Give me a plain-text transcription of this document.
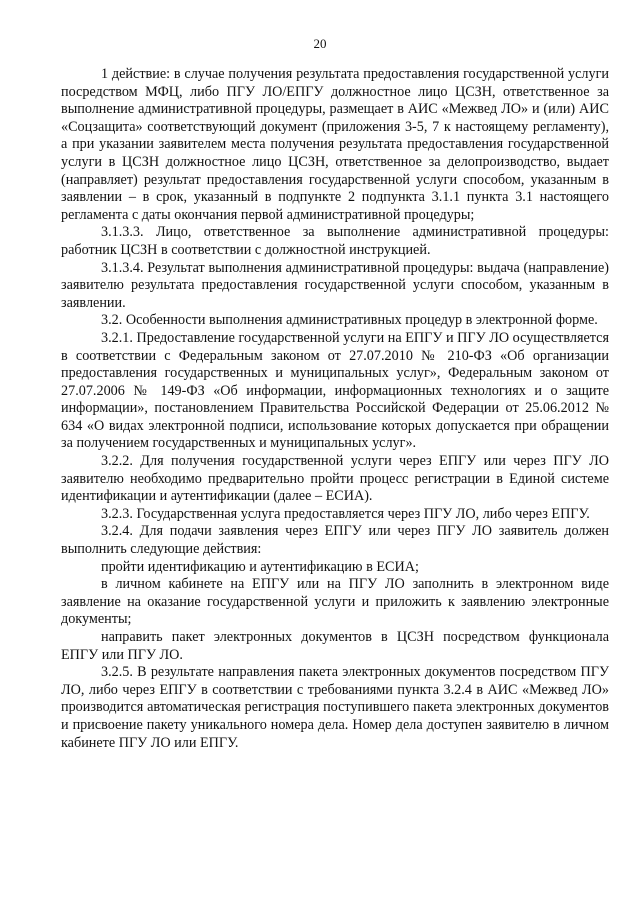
20

1 действие: в случае получения результата предоставления государственной услуги посредством МФЦ, либо ПГУ ЛО/ЕПГУ должностное лицо ЦСЗН, ответственное за выполнение административной процедуры, размещает в АИС «Межвед ЛО» и (или) АИС «Соцзащита» соответствующий документ (приложения 3-5, 7 к настоящему регламенту), а при указании заявителем места получения результата предоставления государственной услуги в ЦСЗН должностное лицо ЦСЗН, ответственное за делопроизводство, выдает (направляет) результат предоставления государственной услуги способом, указанным в заявлении – в срок, указанный в подпункте 2 подпункта 3.1.1 пункта 3.1 настоящего регламента с даты окончания первой административной процедуры;

3.1.3.3. Лицо, ответственное за выполнение административной процедуры: работник ЦСЗН в соответствии с должностной инструкцией.

3.1.3.4. Результат выполнения административной процедуры: выдача (направление) заявителю результата предоставления государственной услуги способом, указанным в заявлении.

3.2. Особенности выполнения административных процедур в электронной форме.

3.2.1. Предоставление государственной услуги на ЕПГУ и ПГУ ЛО осуществляется в соответствии с Федеральным законом от 27.07.2010 № 210-ФЗ «Об организации предоставления государственных и муниципальных услуг», Федеральным законом от 27.07.2006 № 149-ФЗ «Об информации, информационных технологиях и о защите информации», постановлением Правительства Российской Федерации от 25.06.2012 № 634 «О видах электронной подписи, использование которых допускается при обращении за получением государственных и муниципальных услуг».

3.2.2. Для получения государственной услуги через ЕПГУ или через ПГУ ЛО заявителю необходимо предварительно пройти процесс регистрации в Единой системе идентификации и аутентификации (далее – ЕСИА).

3.2.3. Государственная услуга предоставляется через ПГУ ЛО, либо через ЕПГУ.

3.2.4. Для подачи заявления через ЕПГУ или через ПГУ ЛО заявитель должен выполнить следующие действия:

пройти идентификацию и аутентификацию в ЕСИА;

в личном кабинете на ЕПГУ или на ПГУ ЛО заполнить в электронном виде заявление на оказание государственной услуги и приложить к заявлению электронные документы;

направить пакет электронных документов в ЦСЗН посредством функционала ЕПГУ или ПГУ ЛО.

3.2.5. В результате направления пакета электронных документов посредством ПГУ ЛО, либо через ЕПГУ в соответствии с требованиями пункта 3.2.4 в АИС «Межвед ЛО» производится автоматическая регистрация поступившего пакета электронных документов и присвоение пакету уникального номера дела. Номер дела доступен заявителю в личном кабинете ПГУ ЛО или ЕПГУ.
